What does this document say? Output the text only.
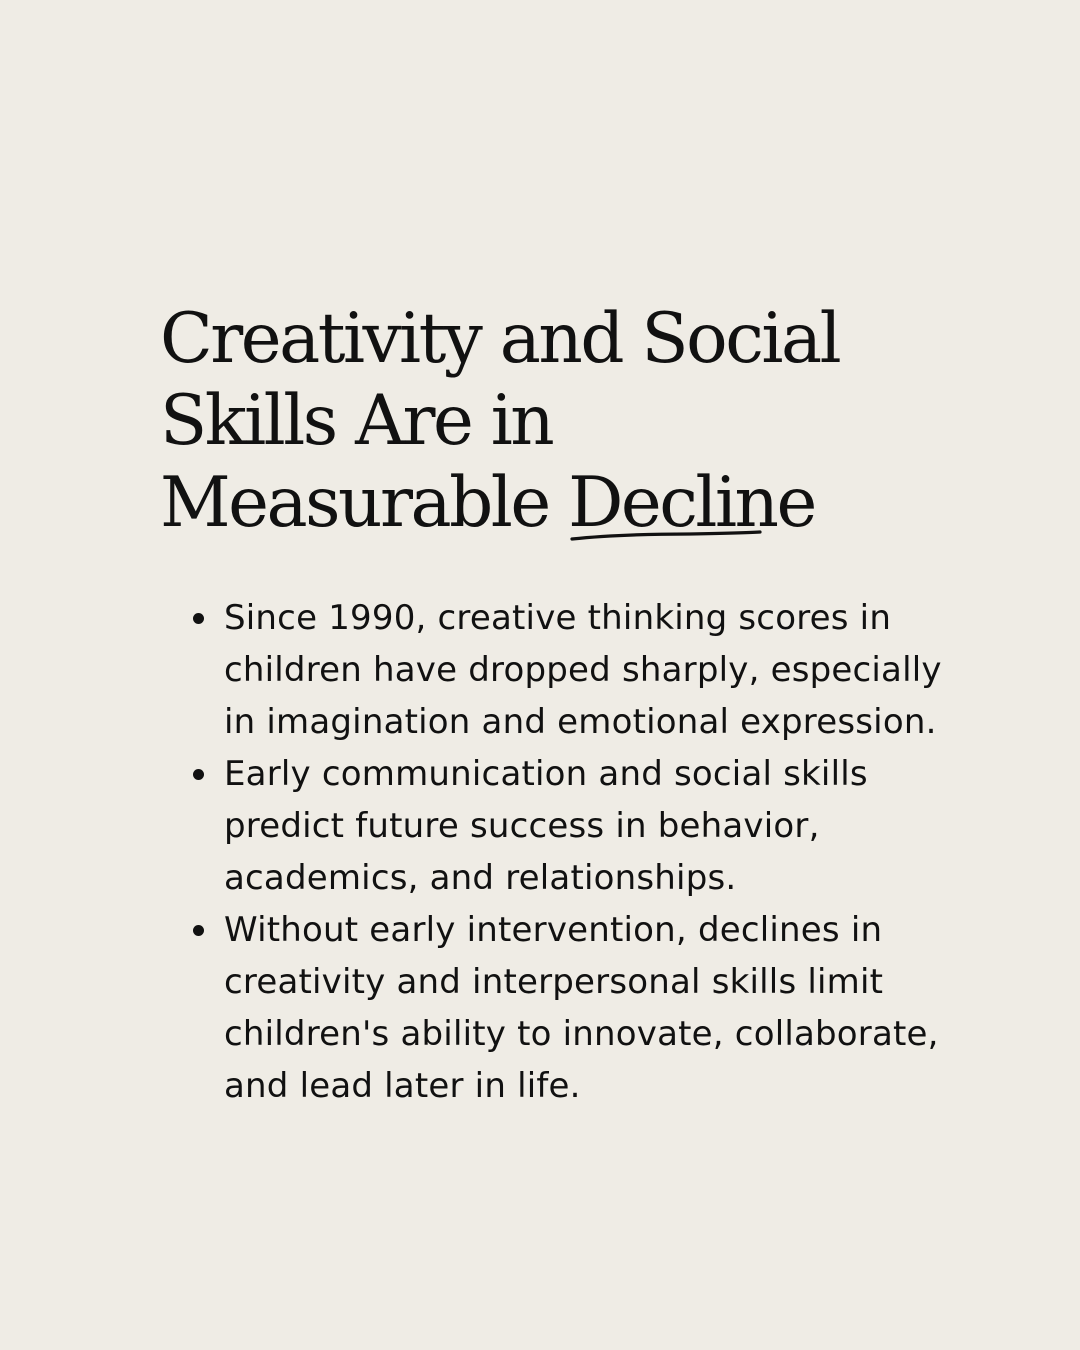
Creativity and Social
Skills Are in
Measurable Decline
Since 1990, creative thinking scores in children have dropped sharply, especially in imagination and emotional expression.
Early communication and social skills predict future success in behavior, academics, and relationships.
Without early intervention, declines in creativity and interpersonal skills limit children's ability to innovate, collaborate, and lead later in life.
